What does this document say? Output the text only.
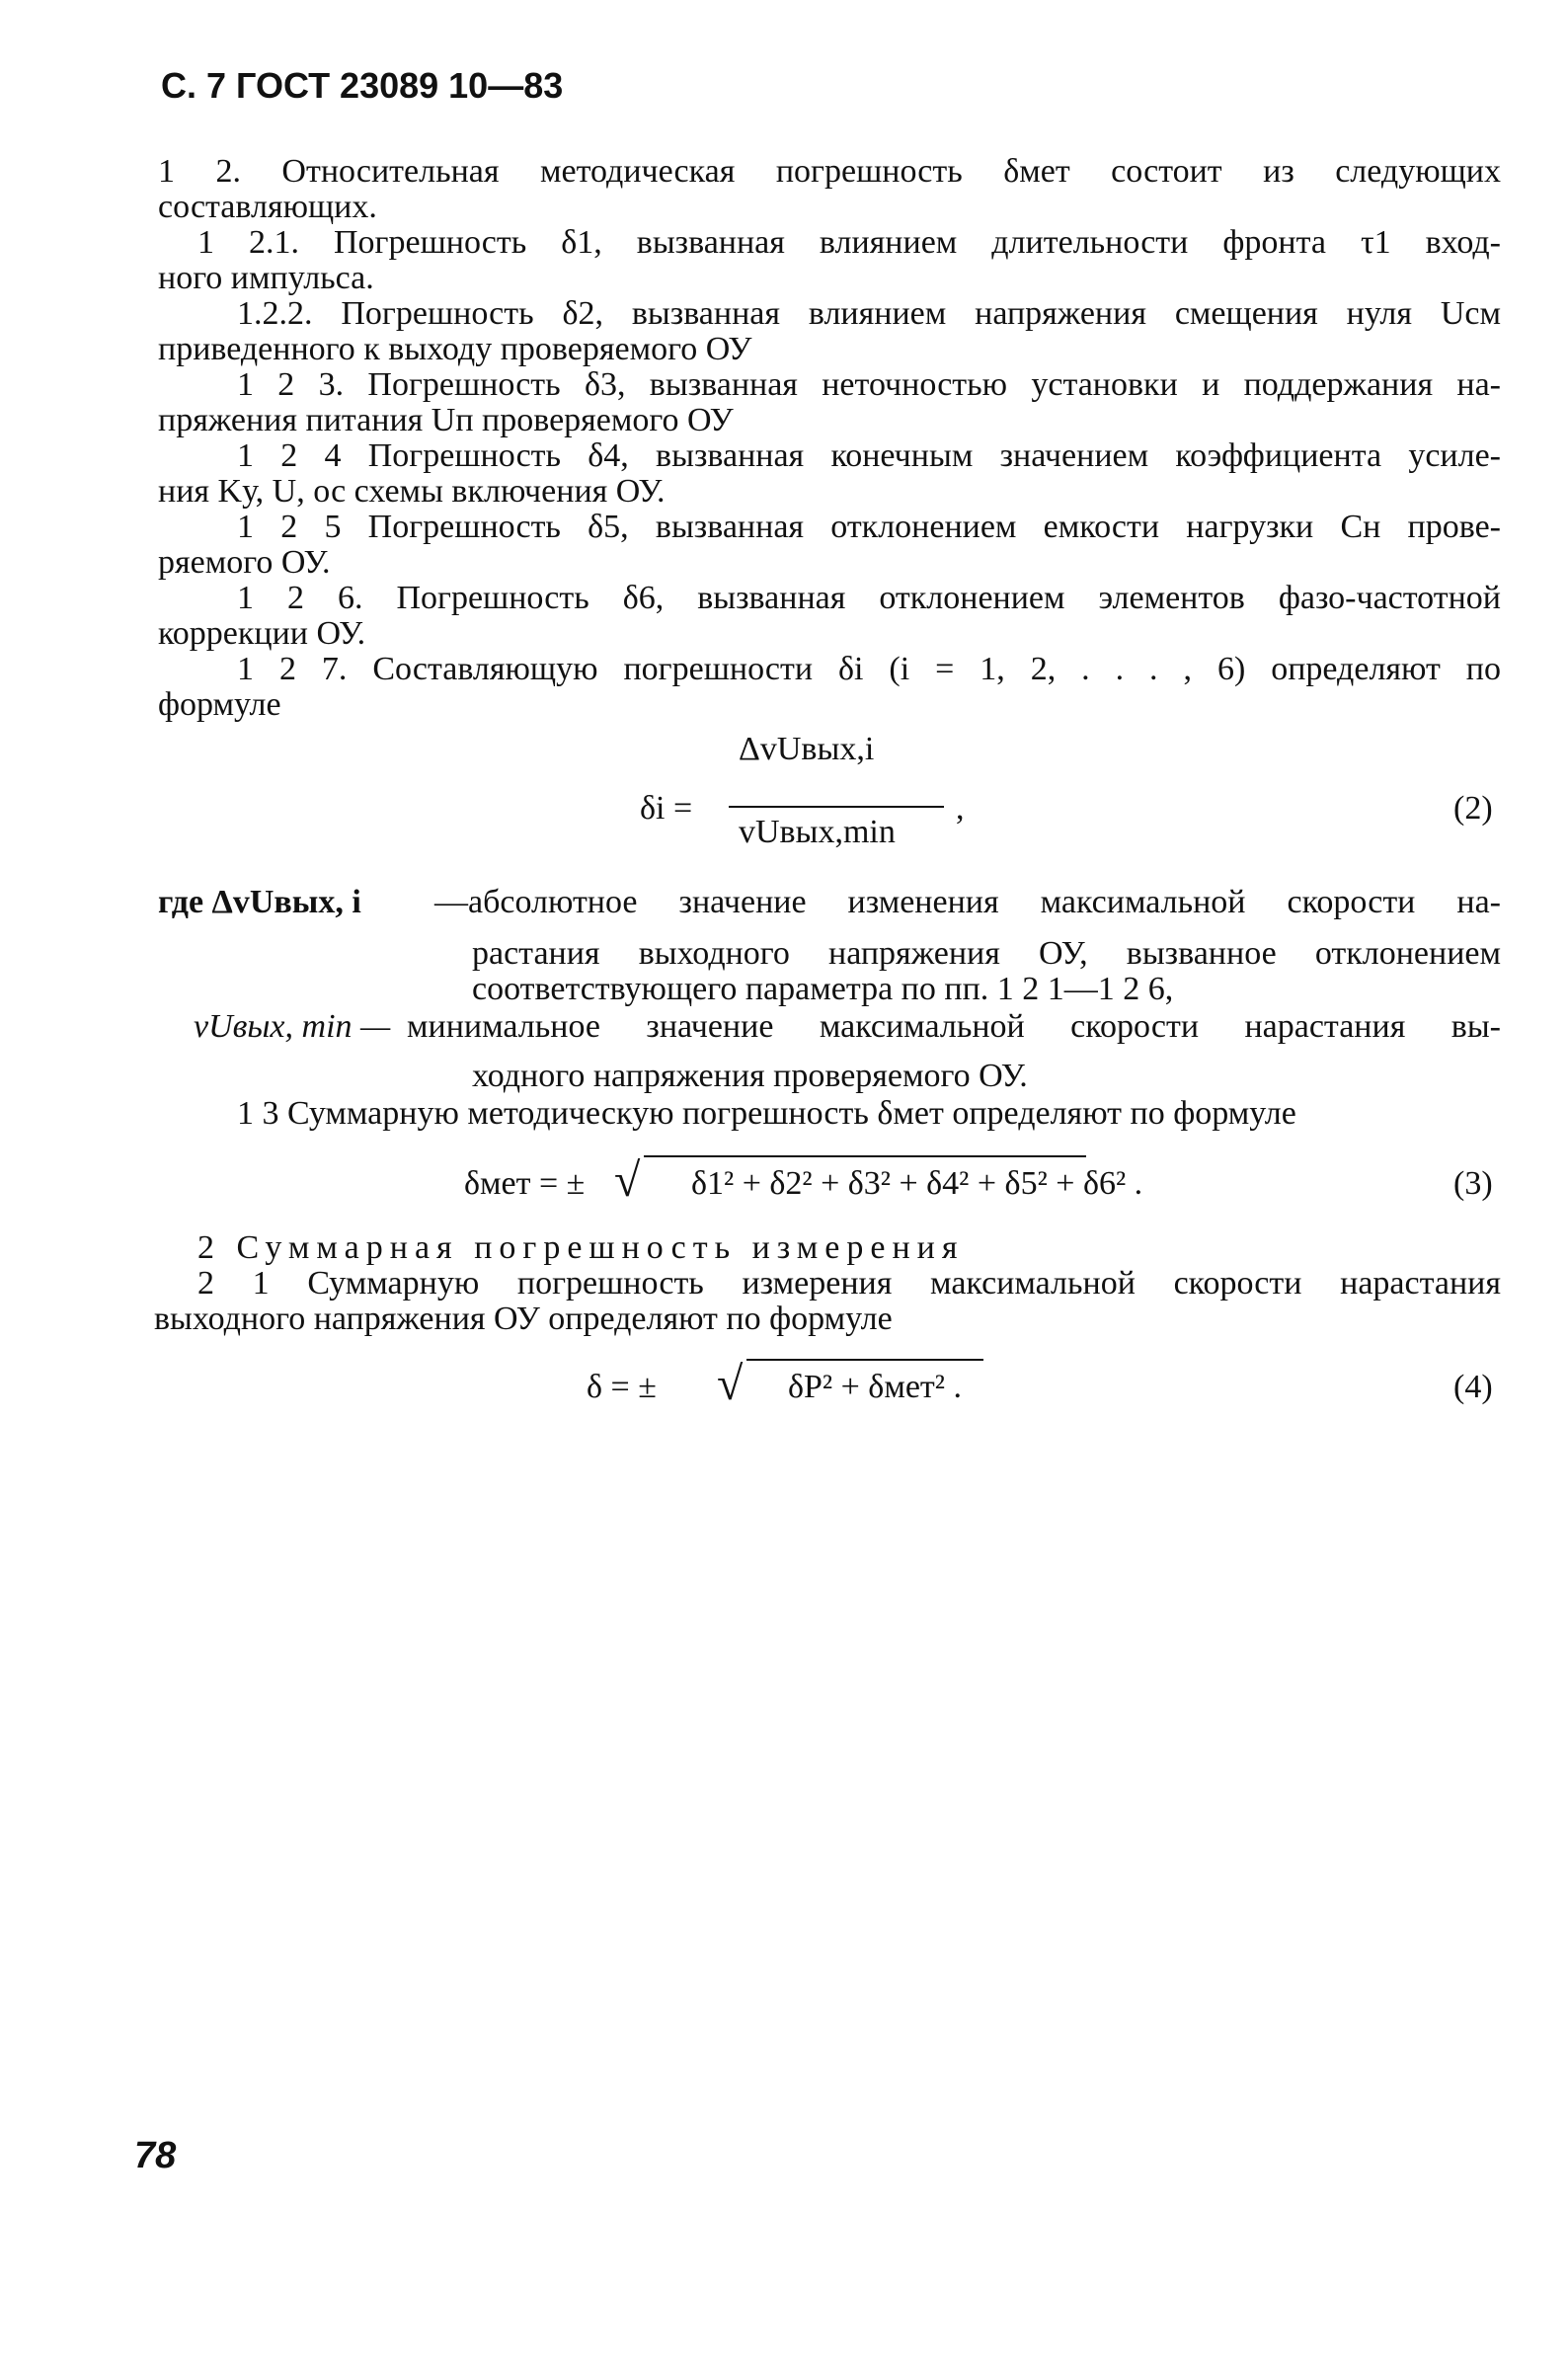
С. 7 ГОСТ 23089 10—83
1 2. Относительная методическая погрешность δмет состоит из следующих
составляющих.
1 2.1. Погрешность δ1, вызванная влиянием длительности фронта τ1 вход-
ного импульса.
1.2.2. Погрешность δ2, вызванная влиянием напряжения смещения нуля Uсм
приведенного к выходу проверяемого ОУ
1 2 3. Погрешность δ3, вызванная неточностью установки и поддержания на-
пряжения питания Uп проверяемого ОУ
1 2 4 Погрешность δ4, вызванная конечным значением коэффициента усиле-
ния Kу, U, ос схемы включения ОУ.
1 2 5 Погрешность δ5, вызванная отклонением емкости нагрузки Cн прове-
ряемого ОУ.
1 2 6. Погрешность δ6, вызванная отклонением элементов фазо-частотной
коррекции ОУ.
1 2 7. Составляющую погрешности δi (i = 1, 2, . . . , 6) определяют по
формуле
δi =
ΔvUвых,i
vUвых,min
,	(2)
где ΔvUвых, i —абсолютное значение изменения максимальной скорости на-
растания выходного напряжения ОУ, вызванное отклонением
соответствующего параметра по пп. 1 2 1—1 2 6,
vUвых, min — минимальное значение максимальной скорости нарастания вы-
ходного напряжения проверяемого ОУ.
1 3 Суммарную методическую погрешность δмет определяют по формуле
δмет = ± √ δ1² + δ2² + δ3² + δ4² + δ5² + δ6² .	(3)
2 Суммарная погрешность измерения
2 1 Суммарную погрешность измерения максимальной скорости нарастания
выходного напряжения ОУ определяют по формуле
δ = ± √ δP² + δмет² .	(4)
78
